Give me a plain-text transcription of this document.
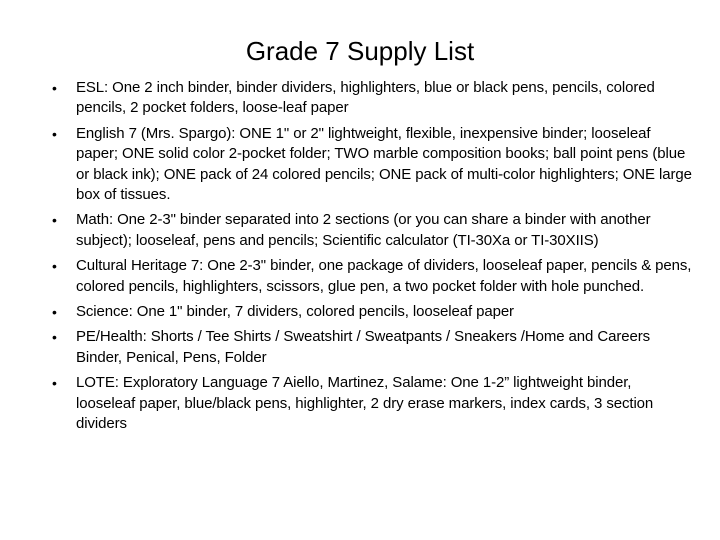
Grade 7 Supply List
• ESL: One 2 inch binder, binder dividers, highlighters, blue or black pens, pencils, colored pencils, 2 pocket folders, loose-leaf paper
• English 7 (Mrs. Spargo): ONE 1" or 2" lightweight, flexible, inexpensive binder; looseleaf paper; ONE solid color 2-pocket folder; TWO marble composition books; ball point pens (blue or black ink); ONE pack of 24 colored pencils; ONE pack of multi-color highlighters; ONE large box of tissues.
• Math: One 2-3" binder separated into 2 sections (or you can share a binder with another subject); looseleaf, pens and pencils; Scientific calculator (TI-30Xa or TI-30XIIS)
• Cultural Heritage 7: One 2-3" binder, one package of dividers, looseleaf paper, pencils & pens, colored pencils, highlighters, scissors, glue pen, a two pocket folder with hole punched.
• Science: One 1" binder, 7 dividers, colored pencils, looseleaf paper
• PE/Health: Shorts / Tee Shirts / Sweatshirt / Sweatpants / Sneakers /Home and Careers Binder, Penical, Pens, Folder
• LOTE: Exploratory Language 7 Aiello, Martinez, Salame: One 1-2” lightweight binder, looseleaf paper, blue/black pens, highlighter, 2 dry erase markers, index cards, 3 section dividers
